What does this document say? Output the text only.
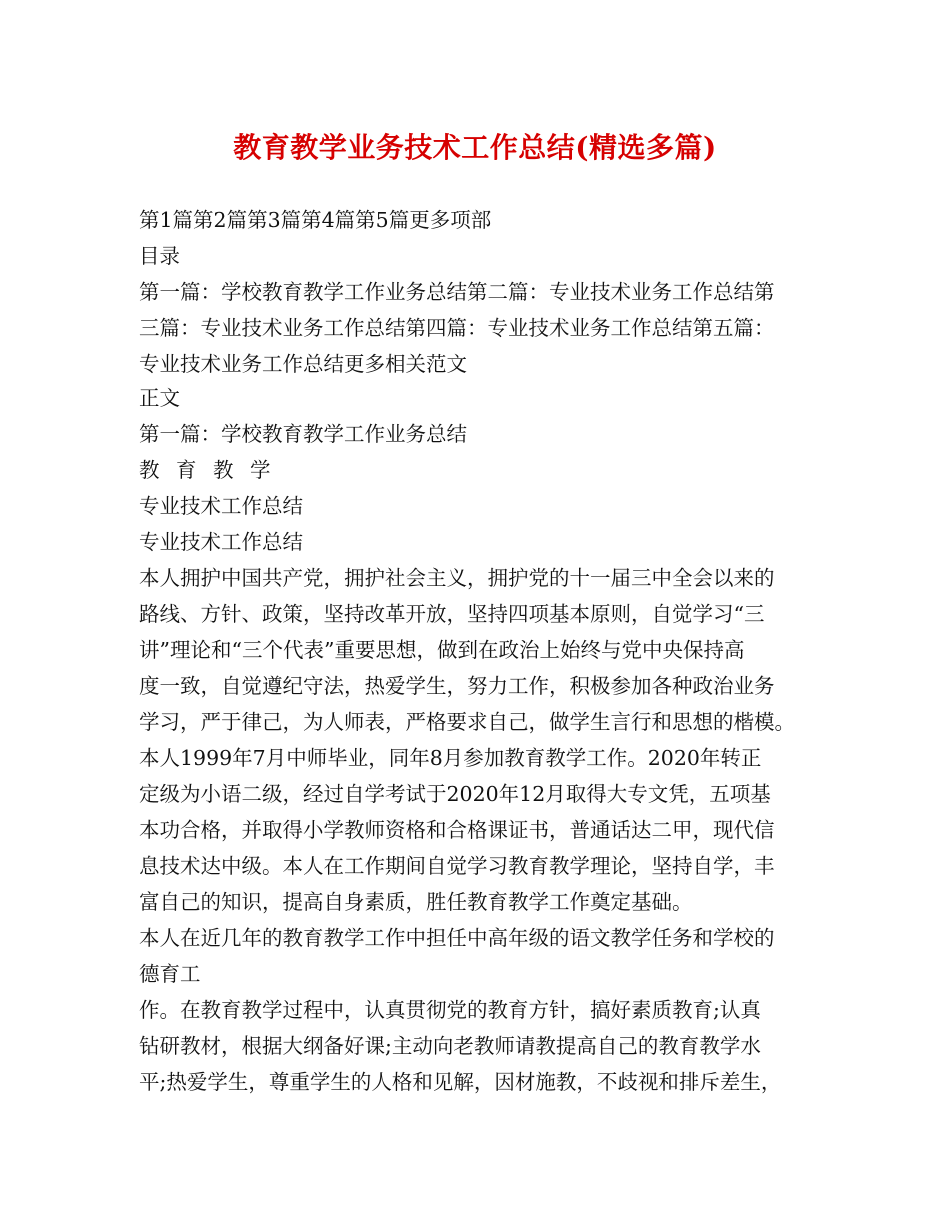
教育教学业务技术工作总结(精选多篇)
第1篇第2篇第3篇第4篇第5篇更多项部
目录
第一篇：学校教育教学工作业务总结第二篇：专业技术业务工作总结第
三篇：专业技术业务工作总结第四篇：专业技术业务工作总结第五篇：
专业技术业务工作总结更多相关范文
正文
第一篇：学校教育教学工作业务总结
教 育 教 学
专业技术工作总结
专业技术工作总结
本人拥护中国共产党，拥护社会主义，拥护党的十一届三中全会以来的
路线、方针、政策，坚持改革开放，坚持四项基本原则，自觉学习“三
讲”理论和“三个代表”重要思想，做到在政治上始终与党中央保持高
度一致，自觉遵纪守法，热爱学生，努力工作，积极参加各种政治业务
学习，严于律己，为人师表，严格要求自己，做学生言行和思想的楷模。
本人1999年7月中师毕业，同年8月参加教育教学工作。2020年转正
定级为小语二级，经过自学考试于2020年12月取得大专文凭，五项基
本功合格，并取得小学教师资格和合格课证书，普通话达二甲，现代信
息技术达中级。本人在工作期间自觉学习教育教学理论，坚持自学，丰
富自己的知识，提高自身素质，胜任教育教学工作奠定基础。
本人在近几年的教育教学工作中担任中高年级的语文教学任务和学校的
德育工
作。在教育教学过程中，认真贯彻党的教育方针，搞好素质教育;认真
钻研教材，根据大纲备好课;主动向老教师请教提高自己的教育教学水
平;热爱学生，尊重学生的人格和见解，因材施教，不歧视和排斥差生，
